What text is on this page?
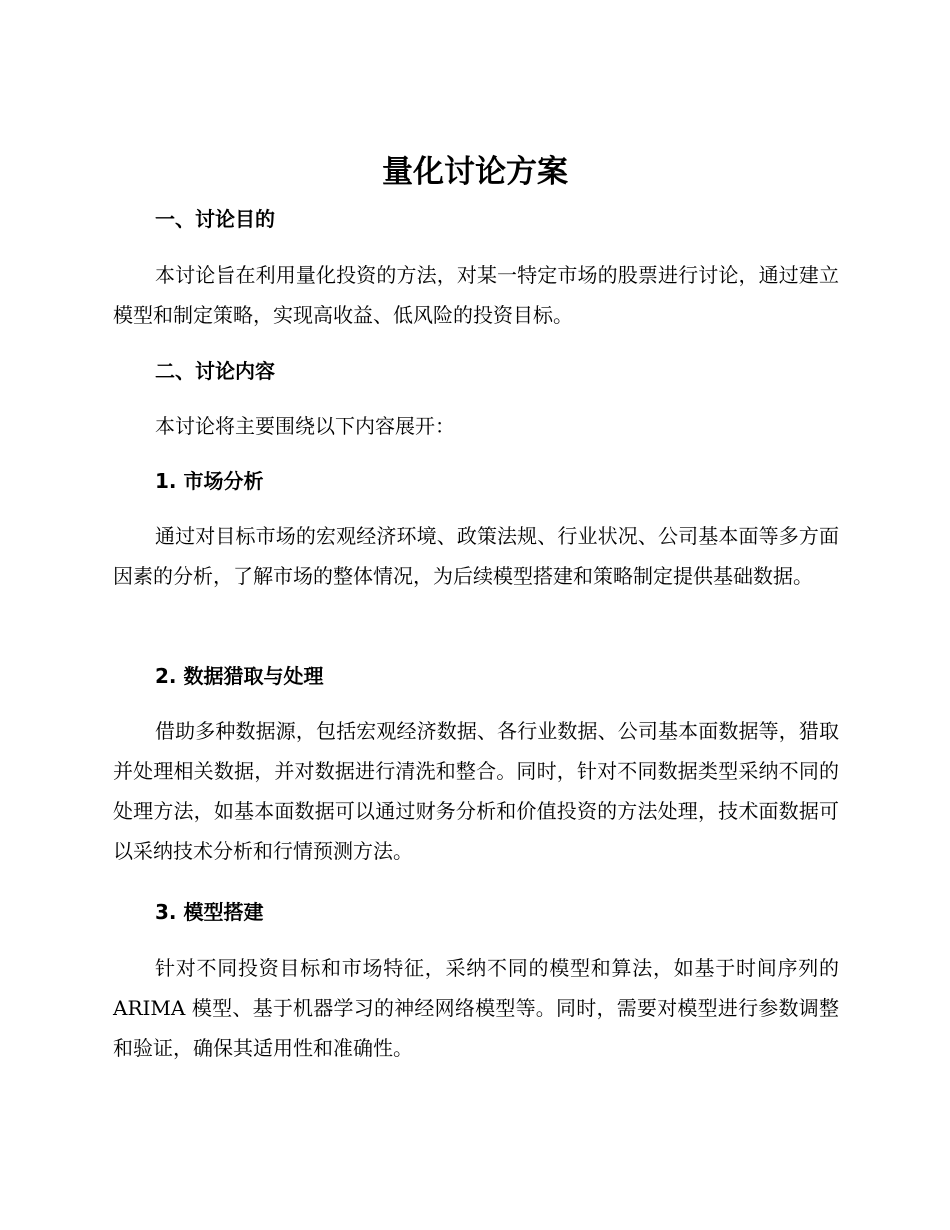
量化讨论方案
一、讨论目的

本讨论旨在利用量化投资的方法，对某一特定市场的股票进行讨论，通过建立模型和制定策略，实现高收益、低风险的投资目标。

二、讨论内容

本讨论将主要围绕以下内容展开：

1. 市场分析

通过对目标市场的宏观经济环境、政策法规、行业状况、公司基本面等多方面因素的分析，了解市场的整体情况，为后续模型搭建和策略制定提供基础数据。

2. 数据猎取与处理

借助多种数据源，包括宏观经济数据、各行业数据、公司基本面数据等，猎取并处理相关数据，并对数据进行清洗和整合。同时，针对不同数据类型采纳不同的处理方法，如基本面数据可以通过财务分析和价值投资的方法处理，技术面数据可以采纳技术分析和行情预测方法。

3. 模型搭建

针对不同投资目标和市场特征，采纳不同的模型和算法，如基于时间序列的 ARIMA 模型、基于机器学习的神经网络模型等。同时，需要对模型进行参数调整和验证，确保其适用性和准确性。
